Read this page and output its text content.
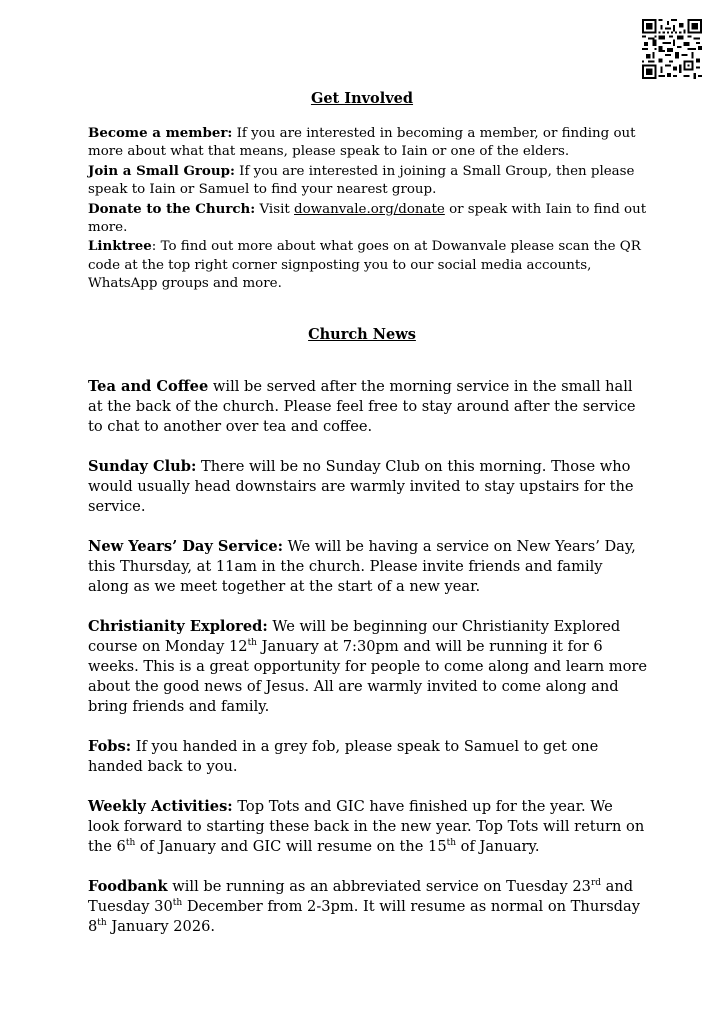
Get Involved

Become a member: If you are interested in becoming a member, or finding out more about what that means, please speak to Iain or one of the elders.

Join a Small Group: If you are interested in joining a Small Group, then please speak to Iain or Samuel to find your nearest group.

Donate to the Church: Visit dowanvale.org/donate or speak with Iain to find out more.

Linktree: To find out more about what goes on at Dowanvale please scan the QR code at the top right corner signposting you to our social media accounts, WhatsApp groups and more.

Church News

Tea and Coffee will be served after the morning service in the small hall at the back of the church. Please feel free to stay around after the service to chat to another over tea and coffee.

Sunday Club: There will be no Sunday Club on this morning. Those who would usually head downstairs are warmly invited to stay upstairs for the service.

New Years’ Day Service: We will be having a service on New Years’ Day, this Thursday, at 11am in the church. Please invite friends and family along as we meet together at the start of a new year.

Christianity Explored: We will be beginning our Christianity Explored course on Monday 12th January at 7:30pm and will be running it for 6 weeks. This is a great opportunity for people to come along and learn more about the good news of Jesus. All are warmly invited to come along and bring friends and family.

Fobs: If you handed in a grey fob, please speak to Samuel to get one handed back to you.

Weekly Activities: Top Tots and GIC have finished up for the year. We look forward to starting these back in the new year. Top Tots will return on the 6th of January and GIC will resume on the 15th of January.

Foodbank will be running as an abbreviated service on Tuesday 23rd and Tuesday 30th December from 2-3pm. It will resume as normal on Thursday 8th January 2026.
